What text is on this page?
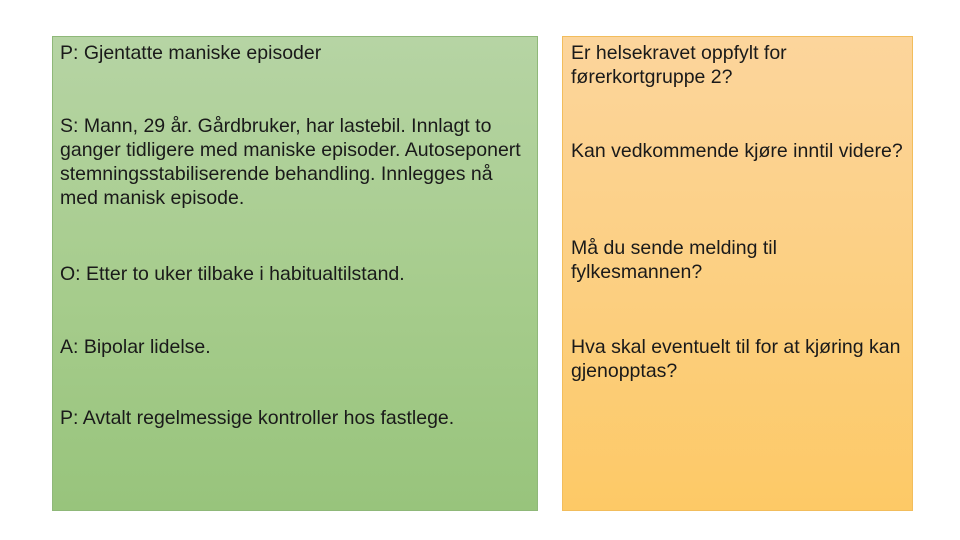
P: Gjentatte maniske episoder

S: Mann, 29 år. Gårdbruker, har lastebil. Innlagt to ganger tidligere med maniske episoder. Autoseponert stemningsstabiliserende behandling. Innlegges nå med manisk episode.

O: Etter to uker tilbake i habitualtilstand.

A: Bipolar lidelse.

P: Avtalt regelmessige kontroller hos fastlege.

Er helsekravet oppfylt for førerkortgruppe 2?

Kan vedkommende kjøre inntil videre?

Må du sende melding til fylkesmannen?

Hva skal eventuelt til for at kjøring kan gjenopptas?
